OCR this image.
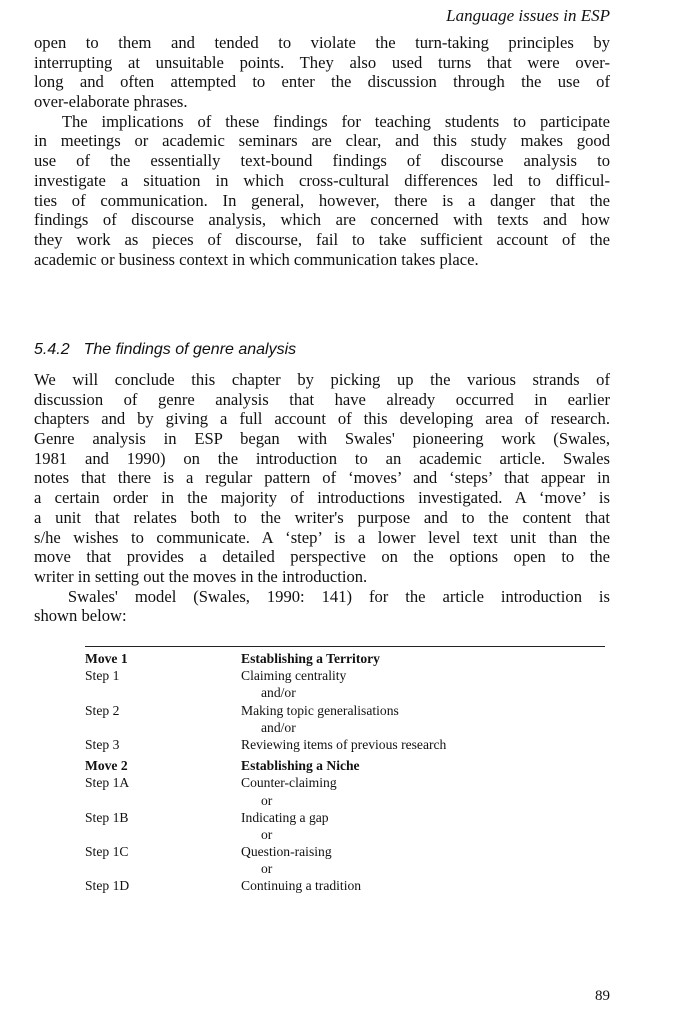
Language issues in ESP
open to them and tended to violate the turn-taking principles by
interrupting at unsuitable points. They also used turns that were over-
long and often attempted to enter the discussion through the use of
over-elaborate phrases.
The implications of these findings for teaching students to participate
in meetings or academic seminars are clear, and this study makes good
use of the essentially text-bound findings of discourse analysis to
investigate a situation in which cross-cultural differences led to difficul-
ties of communication. In general, however, there is a danger that the
findings of discourse analysis, which are concerned with texts and how
they work as pieces of discourse, fail to take sufficient account of the
academic or business context in which communication takes place.
5.4.2 The findings of genre analysis
We will conclude this chapter by picking up the various strands of
discussion of genre analysis that have already occurred in earlier
chapters and by giving a full account of this developing area of research.
Genre analysis in ESP began with Swales' pioneering work (Swales,
1981 and 1990) on the introduction to an academic article. Swales
notes that there is a regular pattern of ‘moves’ and ‘steps’ that appear in
a certain order in the majority of introductions investigated. A ‘move’ is
a unit that relates both to the writer's purpose and to the content that
s/he wishes to communicate. A ‘step’ is a lower level text unit than the
move that provides a detailed perspective on the options open to the
writer in setting out the moves in the introduction.
Swales' model (Swales, 1990: 141) for the article introduction is
shown below:
Move 1	Establishing a Territory
Step 1	Claiming centrality
and/or
Step 2	Making topic generalisations
and/or
Step 3	Reviewing items of previous research
Move 2	Establishing a Niche
Step 1A	Counter-claiming
or
Step 1B	Indicating a gap
or
Step 1C	Question-raising
or
Step 1D	Continuing a tradition
89
